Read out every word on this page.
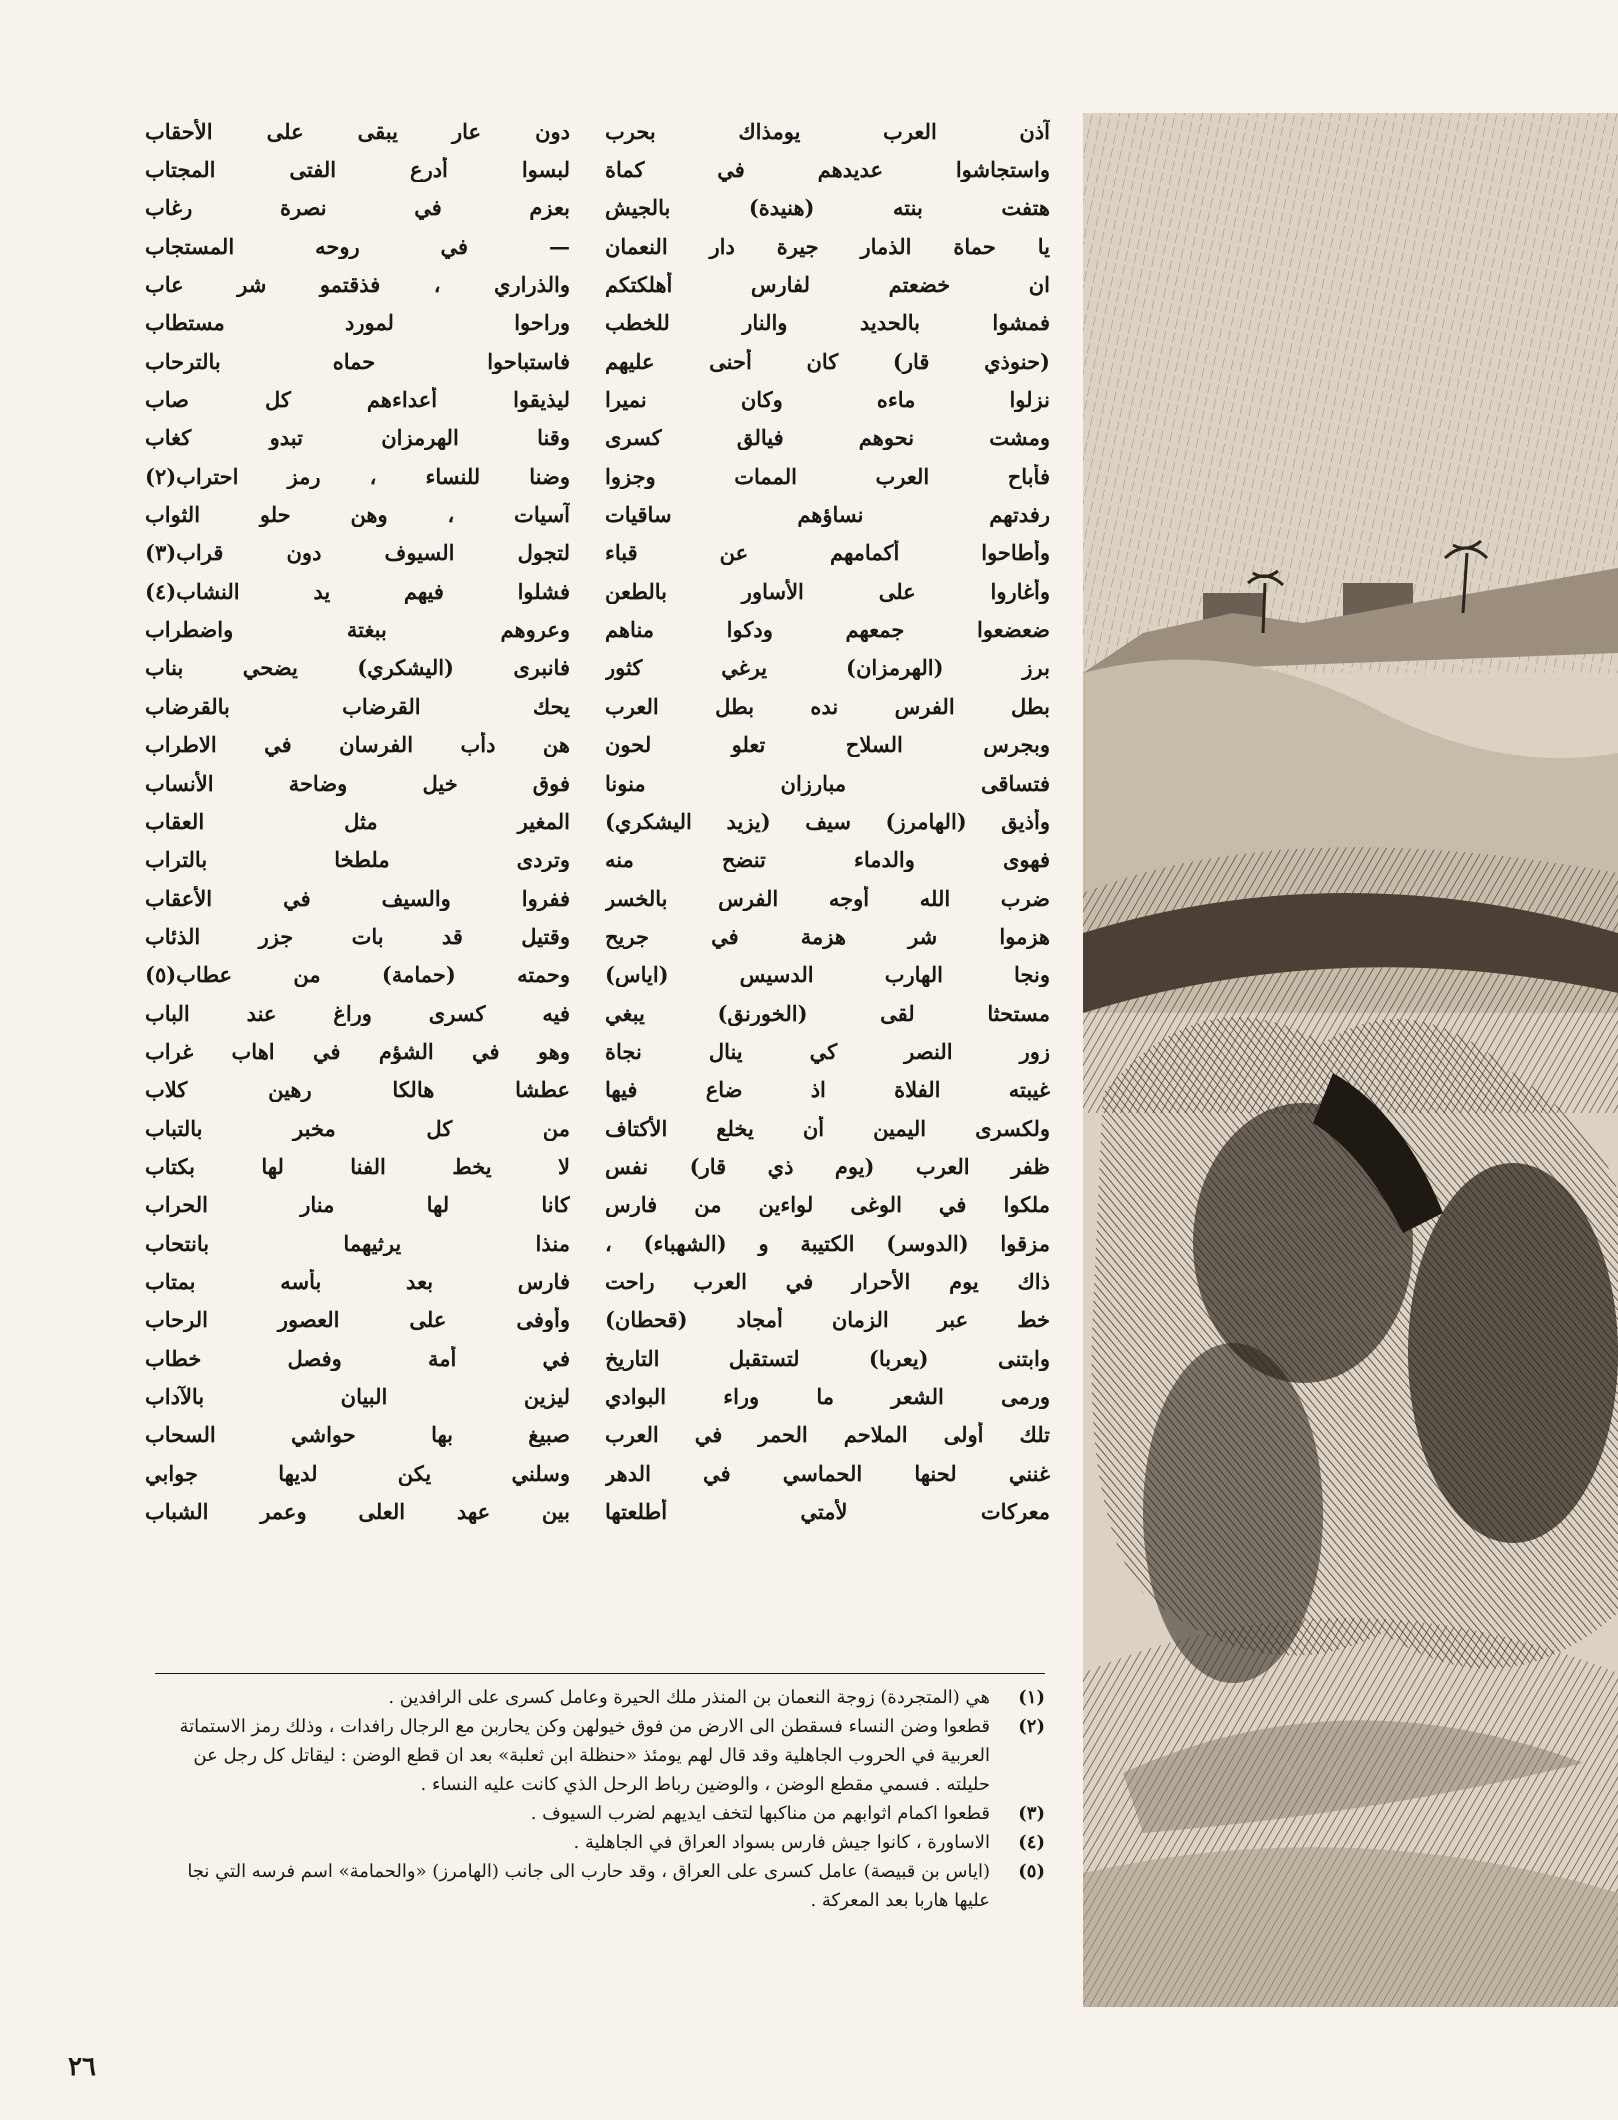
آذن العرب يومذاك بحرب
دون عار يبقى على الأحقاب
واستجاشوا عديدهم في كماة
لبسوا أدرع الفتى المجتاب
هتفت بنته (هنيدة) بالجيش
بعزم في نصرة رغاب
يا حماة الذمار جيرة دار النعمان
— في روحه المستجاب
ان خضعتم لفارس أهلكتكم
والذراري ، فذقتمو شر عاب
فمشوا بالحديد والنار للخطب
وراحوا لمورد مستطاب
(حنوذي قار) كان أحنى عليهم
فاستباحوا حماه بالترحاب
نزلوا ماءه وكان نميرا
ليذيقوا أعداءهم كل صاب
ومشت نحوهم فيالق كسرى
وقنا الهرمزان تبدو كغاب
فأباح العرب الممات وجزوا
وضنا للنساء ، رمز احتراب(٢)
رفدتهم نساؤهم ساقيات
آسيات ، وهن حلو الثواب
وأطاحوا أكمامهم عن قباء
لتجول السيوف دون قراب(٣)
وأغاروا على الأساور بالطعن
فشلوا فيهم يد النشاب(٤)
ضعضعوا جمعهم ودكوا مناهم
وعروهم ببغتة واضطراب
برز (الهرمزان) يرغي كثور
فانبرى (اليشكري) يضحي بناب
بطل الفرس نده بطل العرب
يحك القرضاب بالقرضاب
وبجرس السلاح تعلو لحون
هن دأب الفرسان في الاطراب
فتساقى مبارزان منونا
فوق خيل وضاحة الأنساب
وأذيق (الهامرز) سيف (يزيد اليشكري)
المغير مثل العقاب
فهوى والدماء تنضح منه
وتردى ملطخا بالتراب
ضرب الله أوجه الفرس بالخسر
ففروا والسيف في الأعقاب
هزموا شر هزمة في جريح
وقتيل قد بات جزر الذئاب
ونجا الهارب الدسيس (اياس)
وحمته (حمامة) من عطاب(٥)
مستحثا لقى (الخورنق) يبغي
فيه كسرى وراغ عند الباب
زور النصر كي ينال نجاة
وهو في الشؤم في اهاب غراب
غيبته الفلاة اذ ضاع فيها
عطشا هالكا رهين كلاب
ولكسرى اليمين أن يخلع الأكتاف
من كل مخبر بالتباب
ظفر العرب (يوم ذي قار) نفس
لا يخط الفنا لها بكتاب
ملكوا في الوغى لواءين من فارس
كانا لها منار الحراب
مزقوا (الدوسر) الكتيبة و (الشهباء) ،
منذا يرثيهما بانتحاب
ذاك يوم الأحرار في العرب راحت
فارس بعد بأسه بمتاب
خط عبر الزمان أمجاد (قحطان)
وأوفى على العصور الرحاب
وابتنى (يعربا) لتستقبل التاريخ
في أمة وفصل خطاب
ورمى الشعر ما وراء البوادي
ليزين البيان بالآداب
تلك أولى الملاحم الحمر في العرب
صبيغ بها حواشي السحاب
غنني لحنها الحماسي في الدهر
وسلني يكن لديها جوابي
معركات لأمتي أطلعتها
بين عهد العلى وعمر الشباب
(١)
هي (المتجردة) زوجة النعمان بن المنذر ملك الحيرة وعامل كسرى على الرافدين .
(٢)
قطعوا وضن النساء فسقطن الى الارض من فوق خيولهن وكن يحاربن مع الرجال رافدات ، وذلك رمز الاستماتة العربية في الحروب الجاهلية وقد قال لهم يومئذ «حنظلة ابن ثعلبة» بعد ان قطع الوضن : ليقاتل كل رجل عن حليلته . فسمي مقطع الوضن ، والوضين رباط الرحل الذي كانت عليه النساء .
(٣)
قطعوا اكمام اثوابهم من مناكبها لتخف ايديهم لضرب السيوف .
(٤)
الاساورة ، كانوا جيش فارس بسواد العراق في الجاهلية .
(٥)
(اياس بن قبيصة) عامل كسرى على العراق ، وقد حارب الى جانب (الهامرز) «والحمامة» اسم فرسه التي نجا عليها هاربا بعد المعركة .
٢٦
